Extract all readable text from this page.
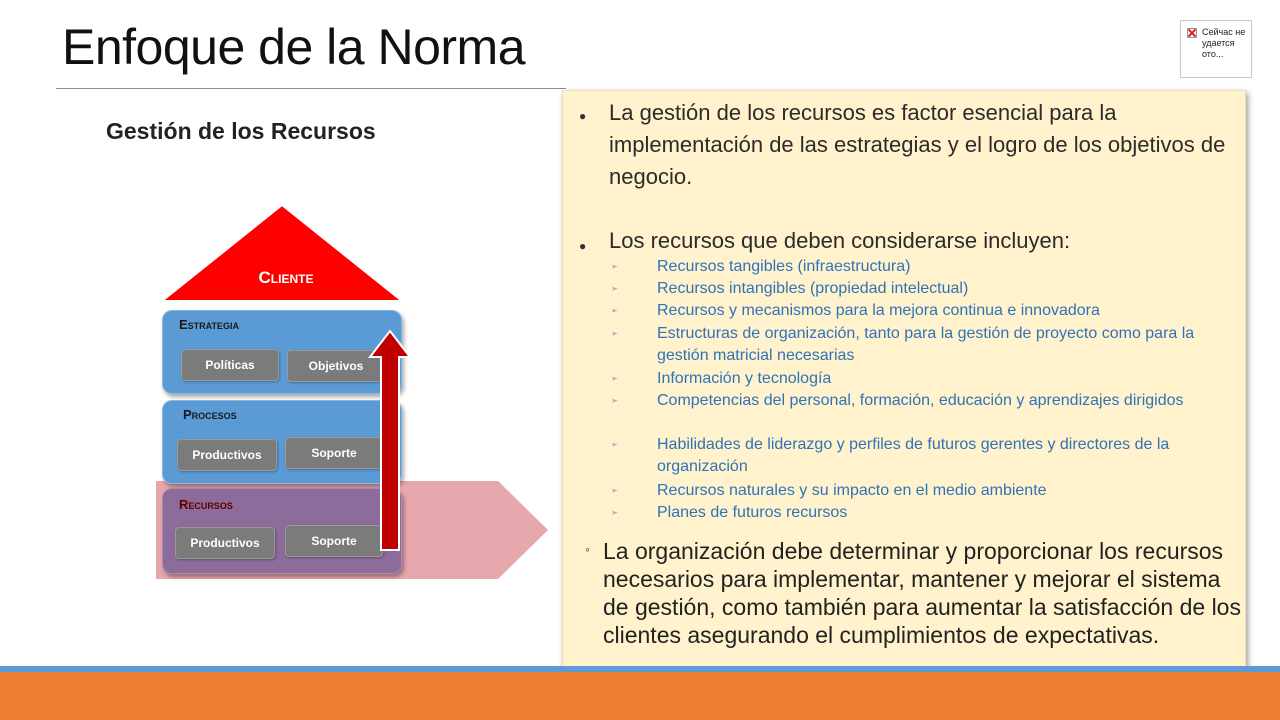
Enfoque de la Norma	Сейчас не удается ото...
Gestión de los Recursos
Cliente
Estrategia
Políticas	Objetivos
Procesos
Productivos	Soporte
Recursos
Productivos	Soporte
● La gestión de los recursos es factor esencial para la implementación de las estrategias y el logro de los objetivos de negocio.
● Los recursos que deben considerarse incluyen:
➢ Recursos tangibles (infraestructura)
➢ Recursos intangibles (propiedad intelectual)
➢ Recursos y mecanismos para la mejora continua e innovadora
➢ Estructuras de organización, tanto para la gestión de proyecto como para la gestión matricial necesarias
➢ Información y tecnología
➢ Competencias del personal, formación, educación y aprendizajes dirigidos
➢ Habilidades de liderazgo y perfiles de futuros gerentes y directores de la organización
➢ Recursos naturales y su impacto en el medio ambiente
➢ Planes de futuros recursos
◦ La organización debe determinar y proporcionar los recursos necesarios para implementar, mantener y mejorar el sistema de gestión, como también para aumentar la satisfacción de los clientes asegurando el cumplimientos de expectativas.
